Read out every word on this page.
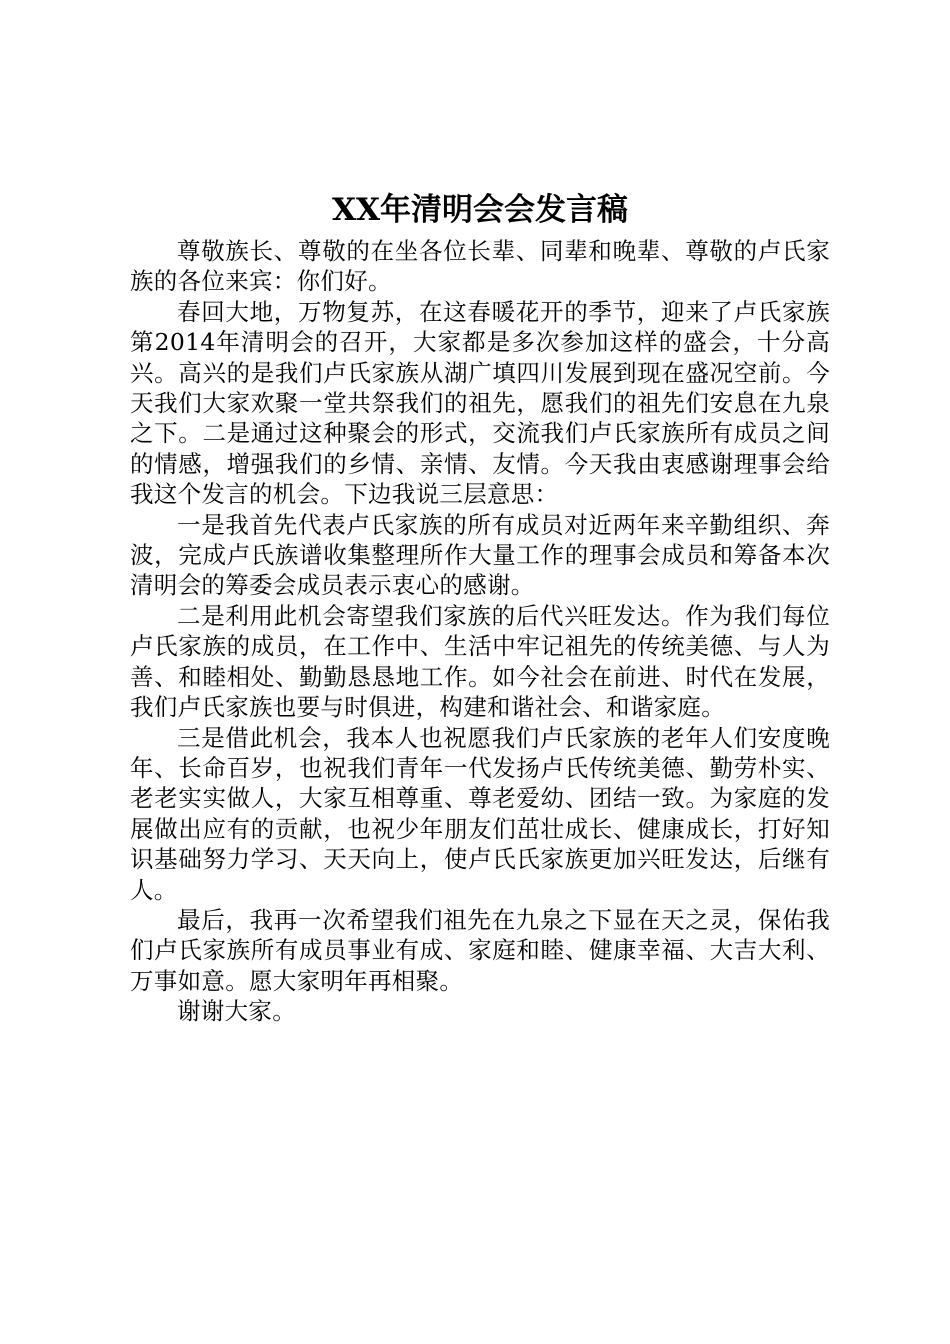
XX年清明会会发言稿

尊敬族长、尊敬的在坐各位长辈、同辈和晚辈、尊敬的卢氏家族的各位来宾：你们好。

春回大地，万物复苏，在这春暖花开的季节，迎来了卢氏家族第2014年清明会的召开，大家都是多次参加这样的盛会，十分高兴。高兴的是我们卢氏家族从湖广填四川发展到现在盛况空前。今天我们大家欢聚一堂共祭我们的祖先，愿我们的祖先们安息在九泉之下。二是通过这种聚会的形式，交流我们卢氏家族所有成员之间的情感，增强我们的乡情、亲情、友情。今天我由衷感谢理事会给我这个发言的机会。下边我说三层意思：

一是我首先代表卢氏家族的所有成员对近两年来辛勤组织、奔波，完成卢氏族谱收集整理所作大量工作的理事会成员和筹备本次清明会的筹委会成员表示衷心的感谢。

二是利用此机会寄望我们家族的后代兴旺发达。作为我们每位卢氏家族的成员，在工作中、生活中牢记祖先的传统美德、与人为善、和睦相处、勤勤恳恳地工作。如今社会在前进、时代在发展，我们卢氏家族也要与时俱进，构建和谐社会、和谐家庭。

三是借此机会，我本人也祝愿我们卢氏家族的老年人们安度晚年、长命百岁，也祝我们青年一代发扬卢氏传统美德、勤劳朴实、老老实实做人，大家互相尊重、尊老爱幼、团结一致。为家庭的发展做出应有的贡献，也祝少年朋友们茁壮成长、健康成长，打好知识基础努力学习、天天向上，使卢氏氏家族更加兴旺发达，后继有人。

最后，我再一次希望我们祖先在九泉之下显在天之灵，保佑我们卢氏家族所有成员事业有成、家庭和睦、健康幸福、大吉大利、万事如意。愿大家明年再相聚。

谢谢大家。
